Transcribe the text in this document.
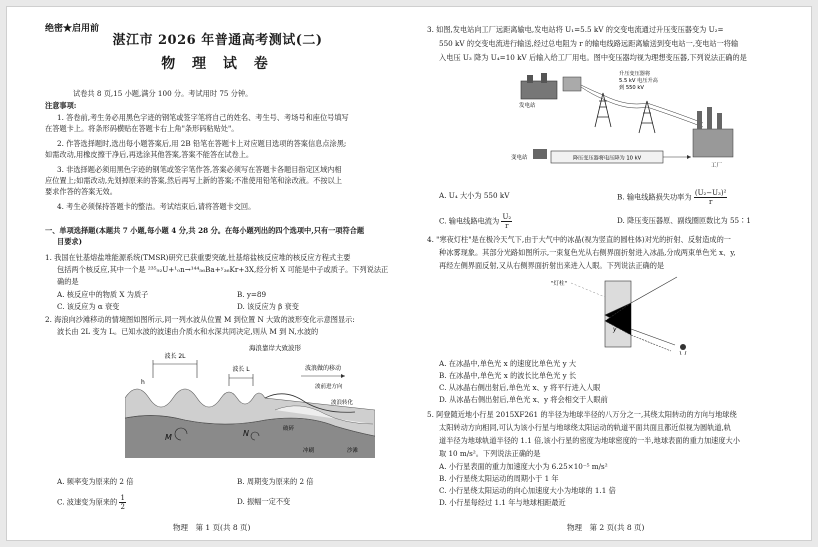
绝密★启用前
湛江市 2026 年普通高考测试(二)
物 理 试 卷
试卷共 8 页,15 小题,满分 100 分。考试用时 75 分钟。
注意事项:
1. 答卷前,考生务必用黑色字迹的钢笔或签字笔将自己的姓名、考生号、考场号和座位号填写
在答题卡上。将条形码横贴在答题卡右上角"条形码粘贴处"。
2. 作答选择题时,选出每小题答案后,用 2B 铅笔在答题卡上对应题目选项的答案信息点涂黑;
如需改动,用橡皮擦干净后,再选涂其他答案,答案不能答在试卷上。
3. 非选择题必须用黑色字迹的钢笔或签字笔作答,答案必须写在答题卡各题目指定区域内相
应位置上;如需改动,先划掉原来的答案,然后再写上新的答案;不准使用铅笔和涂改液。不按以上
要求作答的答案无效。
4. 考生必须保持答题卡的整洁。考试结束后,请将答题卡交回。
一、单项选择题(本题共 7 小题,每小题 4 分,共 28 分。在每小题列出的四个选项中,只有一项符合题
目要求)
1. 我国在钍基熔盐堆能源系统(TMSR)研究已获重要突破,钍基熔盐核反应堆的核反应方程式主要
包括两个核反应,其中一个是 ²³⁵₉₂U+¹₀n→¹⁴⁴₅₆Ba+ʸ₃₆Kr+3X,经分析 X 可能是中子或质子。下列说法正
确的是
A. 核反应中的物质 X 为质子	B. y=89
C. 该反应为 α 衰变	D. 该反应为 β 衰变
2. 海浪向沙滩移动的情境图如图所示,同一列水波从位置 M 到位置 N 大致的波形变化示意图显示:
波长由 2L 变为 L。已知水波的波速由介质水和水深共同决定,则从 M 到 N,水波的
海浪靠岸大致波形
波长 2L
波长 L
h
波浪做的移动
波前进方向
M	N	破碎
冲刷	沙滩
波浪转化
A. 频率变为原来的 2 倍	B. 周期变为原来的 2 倍
C. 波速变为原来的 $\frac{1}{2}$	D. 振幅一定不变
物理　第 1 页(共 8 页)
3. 如图,发电站向工厂远距离输电,发电站将 U₁=5.5 kV 的交变电流通过升压变压器变为 U₂=
550 kV 的交变电流进行输送,经过总电阻为 r 的输电线路远距离输送到变电站一,变电站一将输
入电压 U₃ 降为 U₄=10 kV 后输入给工厂用电。图中变压器均视为理想变压器,下列说法正确的是
发电站
升压变压器将
5.5 kV 电压升高
到 550 kV
变电站	降压变压器将电压降为 10 kV
工厂
A. U₄ 大小为 550 kV	B. 输电线路损失功率为 $\frac{\text{(U₂−U₃)²}}{r}$
C. 输电线路电流为 $\frac{\text{U₂}}{r}$	D. 降压变压器原、副线圈匝数比为 55∶1
4. "寒夜灯柱"是在极冷天气下,由于大气中的冰晶(视为竖直的圆柱体)对光的折射、反射造成的一
种冰雾现象。其部分光路如图所示,一束复色光从右侧界面折射进入冰晶,分成两束单色光 x、y,
再经左侧界面反射,又从右侧界面折射出来进入人眼。下列说法正确的是
"灯柱"
x
y
A. 在冰晶中,单色光 x 的速度比单色光 y 大
B. 在冰晶中,单色光 x 的波长比单色光 y 长
C. 从冰晶右侧出射后,单色光 x、y 将平行进入人眼
D. 从冰晶右侧出射后,单色光 x、y 将会相交于人眼前
5. 阿登随近地小行星 2015XF261 的半径为地球半径的八万分之一,其绕太阳转动的方向与地球绕
太阳转动方向相同,可认为该小行星与地球绕太阳运动的轨道平面共面且都近似视为圆轨道,轨
道半径为地球轨道半径的 1.1 倍,该小行星的密度为地球密度的一半,地球表面的重力加速度大小
取 10 m/s²。下列说法正确的是
A. 小行星表面的重力加速度大小为 6.25×10⁻⁵ m/s²
B. 小行星绕太阳运动的周期小于 1 年
C. 小行星绕太阳运动的向心加速度大小为地球的 1.1 倍
D. 小行星每经过 1.1 年与地球相距最近
物理　第 2 页(共 8 页)
